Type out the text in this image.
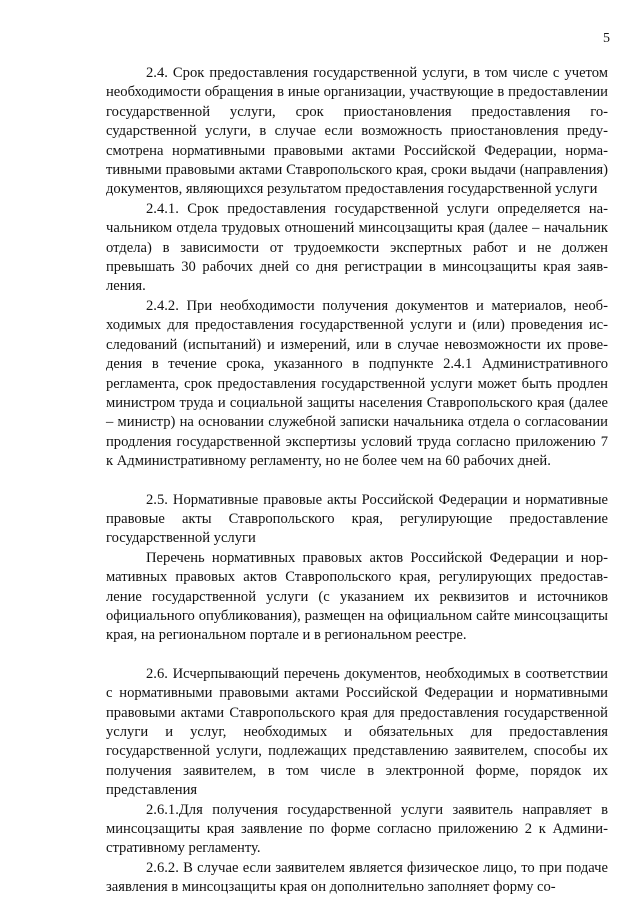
5

2.4. Срок предоставления государственной услуги, в том числе с учетом необходимости обращения в иные организации, участвующие в предоставлении государственной услуги, срок приостановления предоставления государственной услуги, в случае если возможность приостановления предусмотрена нормативными правовыми актами Российской Федерации, нормативными правовыми актами Ставропольского края, сроки выдачи (направления) документов, являющихся результатом предоставления государственной услуги

2.4.1. Срок предоставления государственной услуги определяется начальником отдела трудовых отношений минсоцзащиты края (далее – начальник отдела) в зависимости от трудоемкости экспертных работ и не должен превышать 30 рабочих дней со дня регистрации в минсоцзащиты края заявления.

2.4.2. При необходимости получения документов и материалов, необходимых для предоставления государственной услуги и (или) проведения исследований (испытаний) и измерений, или в случае невозможности их проведения в течение срока, указанного в подпункте 2.4.1 Административного регламента, срок предоставления государственной услуги может быть продлен министром труда и социальной защиты населения Ставропольского края (далее – министр) на основании служебной записки начальника отдела о согласовании продления государственной экспертизы условий труда согласно приложению 7 к Административному регламенту, но не более чем на 60 рабочих дней.

2.5. Нормативные правовые акты Российской Федерации и нормативные правовые акты Ставропольского края, регулирующие предоставление государственной услуги

Перечень нормативных правовых актов Российской Федерации и нормативных правовых актов Ставропольского края, регулирующих предоставление государственной услуги (с указанием их реквизитов и источников официального опубликования), размещен на официальном сайте минсоцзащиты края, на региональном портале и в региональном реестре.

2.6. Исчерпывающий перечень документов, необходимых в соответствии с нормативными правовыми актами Российской Федерации и нормативными правовыми актами Ставропольского края для предоставления государственной услуги и услуг, необходимых и обязательных для предоставления государственной услуги, подлежащих представлению заявителем, способы их получения заявителем, в том числе в электронной форме, порядок их представления

2.6.1.Для получения государственной услуги заявитель направляет в минсоцзащиты края заявление по форме согласно приложению 2 к Административному регламенту.

2.6.2. В случае если заявителем является физическое лицо, то при подаче заявления в минсоцзащиты края он дополнительно заполняет форму со-
